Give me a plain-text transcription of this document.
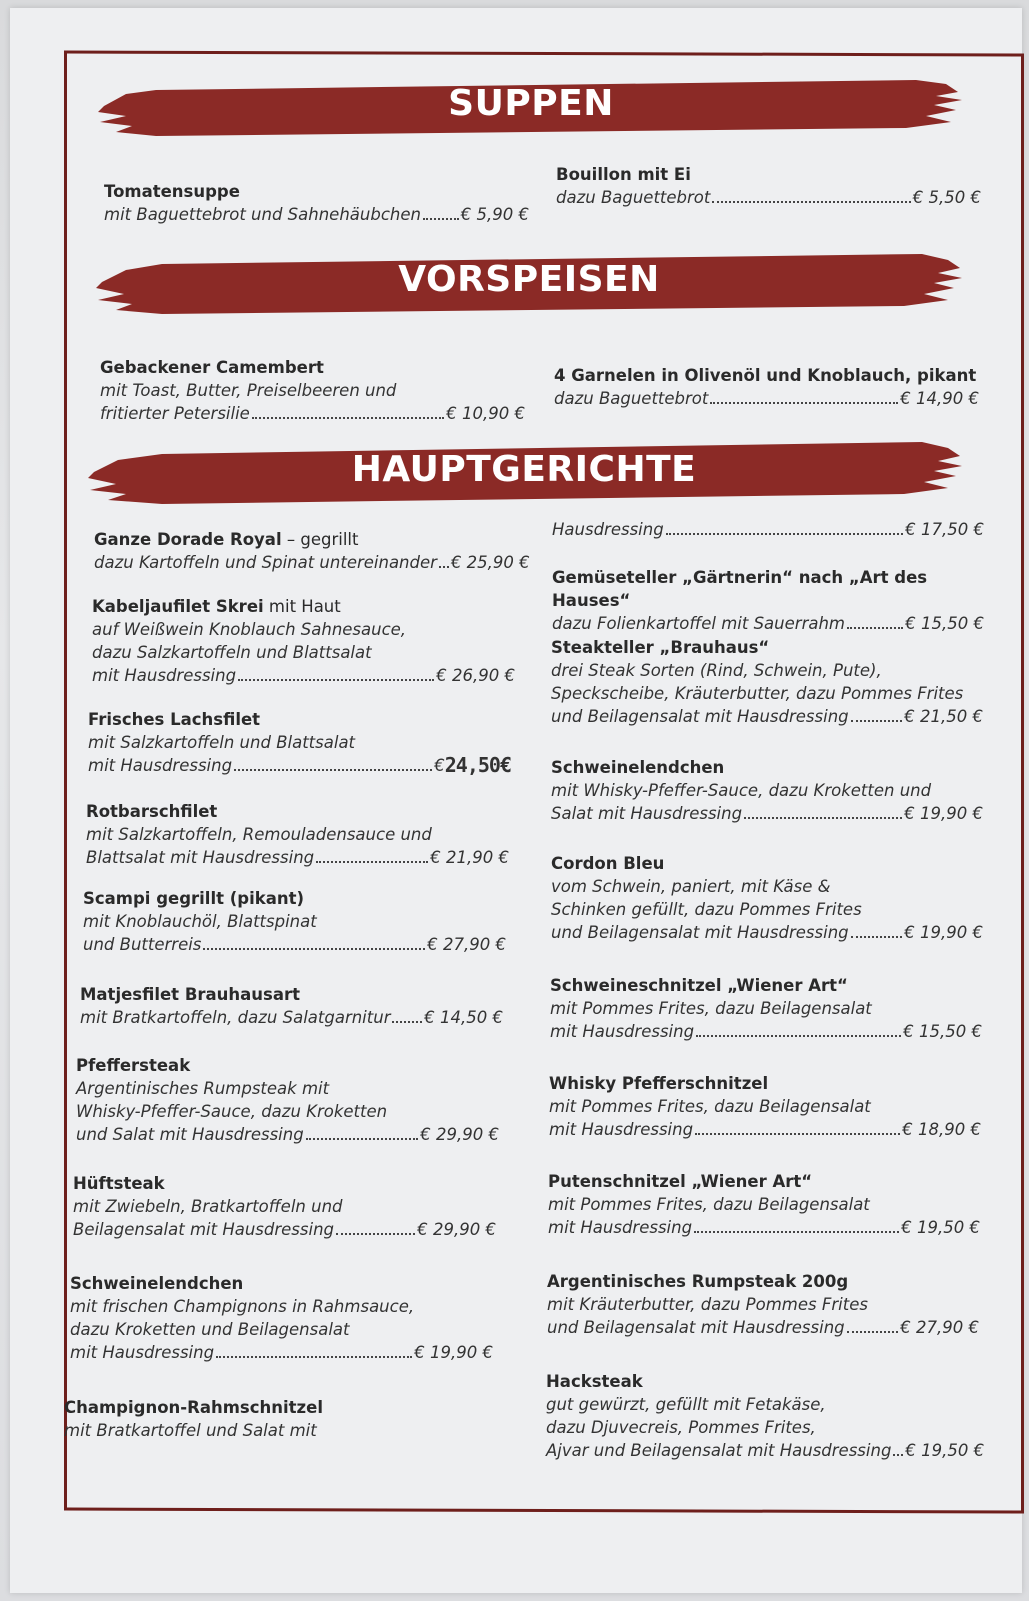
SUPPEN
VORSPEISEN
HAUPTGERICHTE
Tomatensuppe
mit Baguettebrot und Sahnehäubchen € 5,90 €
Bouillon mit Ei
dazu Baguettebrot	€ 5,50 €
Gebackener Camembert
mit Toast, Butter, Preiselbeeren und
fritierter Petersilie	€ 10,90 €
4 Garnelen in Olivenöl und Knoblauch, pikant
dazu Baguettebrot	€ 14,90 €
Ganze Dorade Royal – gegrillt
dazu Kartoffeln und Spinat untereinander € 25,90 €
Kabeljaufilet Skrei mit Haut
auf Weißwein Knoblauch Sahnesauce,
dazu Salzkartoffeln und Blattsalat
mit Hausdressing	€ 26,90 €
Frisches Lachsfilet
mit Salzkartoffeln und Blattsalat
mit Hausdressing	€ 24,50€
Rotbarschfilet
mit Salzkartoffeln, Remouladensauce und
Blattsalat mit Hausdressing	€ 21,90 €
Scampi gegrillt (pikant)
mit Knoblauchöl, Blattspinat
und Butterreis	€ 27,90 €
Matjesfilet Brauhausart
mit Bratkartoffeln, dazu Salatgarnitur € 14,50 €
Pfeffersteak
Argentinisches Rumpsteak mit
Whisky-Pfeffer-Sauce, dazu Kroketten
und Salat mit Hausdressing	€ 29,90 €
Hüftsteak
mit Zwiebeln, Bratkartoffeln und
Beilagensalat mit Hausdressing	€ 29,90 €
Schweinelendchen
mit frischen Champignons in Rahmsauce,
dazu Kroketten und Beilagensalat
mit Hausdressing	€ 19,90 €
Champignon-Rahmschnitzel
mit Bratkartoffel und Salat mit
Hausdressing	€ 17,50 €
Gemüseteller „Gärtnerin“ nach „Art des Hauses“
dazu Folienkartoffel mit Sauerrahm	€ 15,50 €
Steakteller „Brauhaus“
drei Steak Sorten (Rind, Schwein, Pute),
Speckscheibe, Kräuterbutter, dazu Pommes Frites
und Beilagensalat mit Hausdressing	€ 21,50 €
Schweinelendchen
mit Whisky-Pfeffer-Sauce, dazu Kroketten und
Salat mit Hausdressing	€ 19,90 €
Cordon Bleu
vom Schwein, paniert, mit Käse &
Schinken gefüllt, dazu Pommes Frites
und Beilagensalat mit Hausdressing	€ 19,90 €
Schweineschnitzel „Wiener Art“
mit Pommes Frites, dazu Beilagensalat
mit Hausdressing	€ 15,50 €
Whisky Pfefferschnitzel
mit Pommes Frites, dazu Beilagensalat
mit Hausdressing	€ 18,90 €
Putenschnitzel „Wiener Art“
mit Pommes Frites, dazu Beilagensalat
mit Hausdressing	€ 19,50 €
Argentinisches Rumpsteak 200g
mit Kräuterbutter, dazu Pommes Frites
und Beilagensalat mit Hausdressing	€ 27,90 €
Hacksteak
gut gewürzt, gefüllt mit Fetakäse,
dazu Djuvecreis, Pommes Frites,
Ajvar und Beilagensalat mit Hausdressing € 19,50 €
